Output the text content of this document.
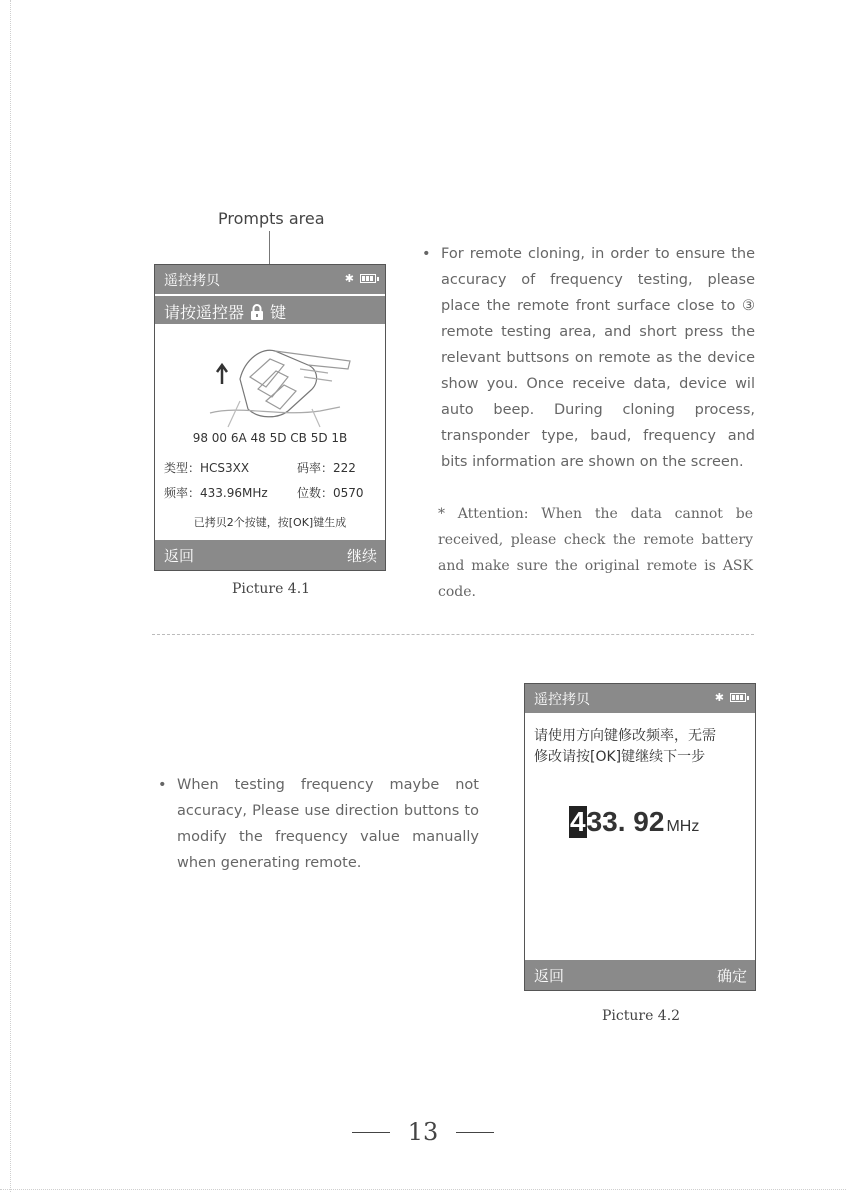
Prompts area
遥控拷贝	✱
请按遥控器 键
98 00 6A 48 5D CB 5D 1B
类型：HCS3XX	码率：222
频率：433.96MHz 位数：0570
已拷贝2个按键，按[OK]键生成
返回	继续
Picture 4.1
• For remote cloning, in order to ensure the accuracy of frequency testing, please place the remote front surface close to ③ remote testing area, and short press the relevant buttsons on remote as the device show you. Once receive data, device wil auto beep. During cloning process, transponder type, baud, frequency and bits information are shown on the screen.
* Attention: When the data cannot be received, please check the remote battery and make sure the original remote is ASK code.
• When testing frequency maybe not accuracy, Please use direction buttons to modify the frequency value manually when generating remote.
遥控拷贝	✱
请使用方向键修改频率，无需
修改请按[OK]键继续下一步
4 33. 92 MHz
返回	确定
Picture 4.2
13
